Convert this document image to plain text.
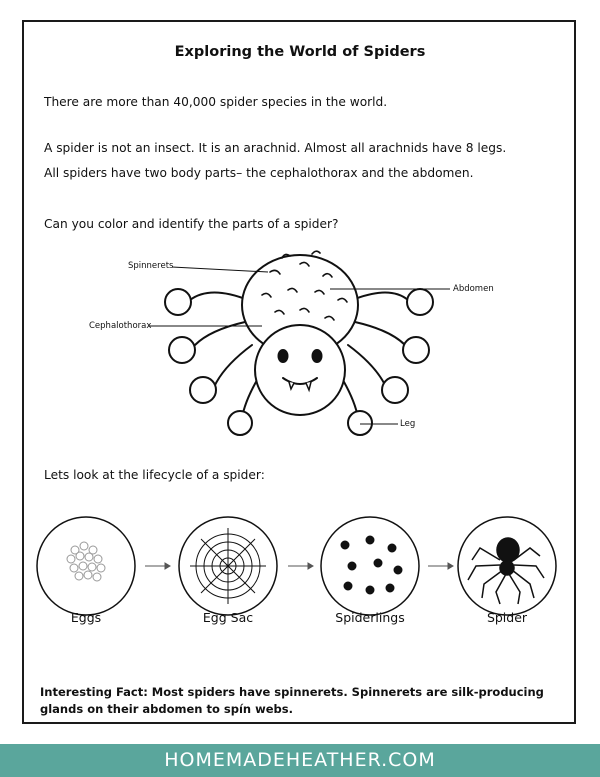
Exploring the World of Spiders
There are more than 40,000 spider species in the world.
A spider is not an insect. It is an arachnid. Almost all arachnids have 8 legs.
All spiders have two body parts– the cephalothorax and the abdomen.
Can you color and identify the parts of a spider?
Spinnerets
Abdomen
Cephalothorax
Leg
Lets look at the lifecycle of a spider:
Eggs	Egg Sac	Spiderlings	Spider
Interesting Fact: Most spiders have spinnerets. Spinnerets are silk-producing glands on their abdomen to spín webs.
HOMEMADEHEATHER.COM
